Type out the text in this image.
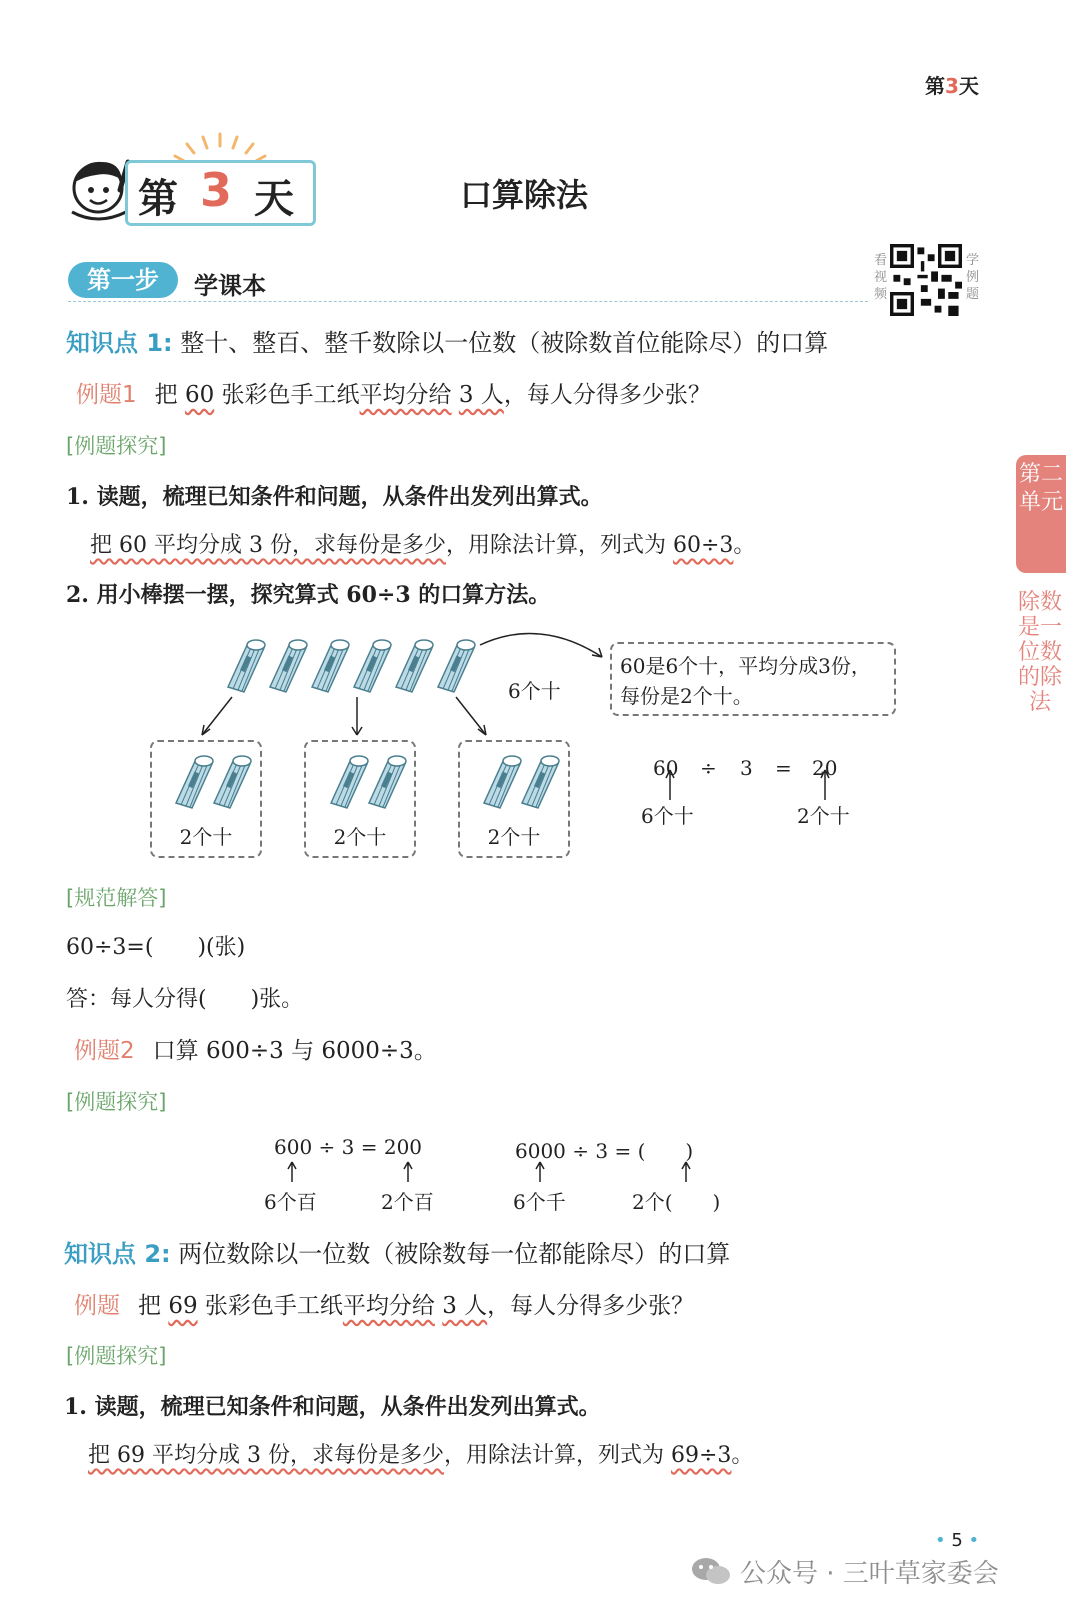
第3天
第 3 天	口算除法
第一步	学课本
看视频
学例题
第二单元
除数是一位数的除法
知识点 1: 整十、整百、整千数除以一位数（被除数首位能除尽）的口算
例题1 把 60 张彩色手工纸平均分给 3 人，每人分得多少张？
[例题探究]
1. 读题，梳理已知条件和问题，从条件出发列出算式。
把 60 平均分成 3 份，求每份是多少，用除法计算，列式为 60÷3。
2. 用小棒摆一摆，探究算式 60÷3 的口算方法。
6个十
60是6个十，平均分成3份，
每份是2个十。
2个十	2个十	2个十
60 ÷ 3 = 20
6个十	2个十
[规范解答]
60÷3=(　　)(张)
答：每人分得(　　)张。
例题2 口算 600÷3 与 6000÷3。
[例题探究]
600 ÷ 3 = 200
6个百	2个百
6000 ÷ 3 = (　　)
6个千	2个(　　)
知识点 2: 两位数除以一位数（被除数每一位都能除尽）的口算
例题 把 69 张彩色手工纸平均分给 3 人，每人分得多少张？
[例题探究]
1. 读题，梳理已知条件和问题，从条件出发列出算式。
把 69 平均分成 3 份，求每份是多少，用除法计算，列式为 69÷3。
• 5 •
公众号 · 三叶草家委会
